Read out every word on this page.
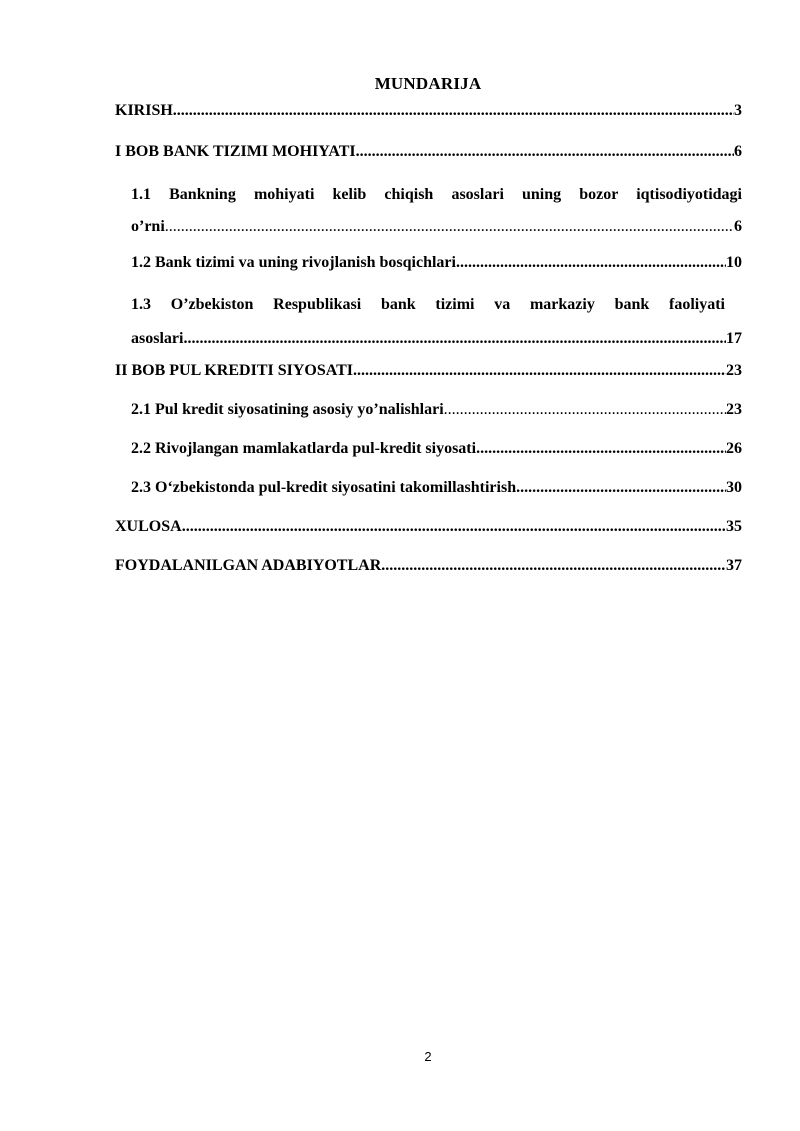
MUNDARIJA
KIRISH .....	3
I BOB BANK TIZIMI MOHIYATI .....	6
1.1 Bankning mohiyati kelib chiqish asoslari uning bozor iqtisodiyotidagi
o’rni .....	6
1.2 Bank tizimi va uning rivojlanish bosqichlari .....	10
1.3 O’zbekiston Respublikasi bank tizimi va markaziy bank faoliyati
asoslari .....	17
II BOB PUL KREDITI SIYOSATI .....	23
2.1 Pul kredit siyosatining asosiy yo’nalishlari .....	23
2.2 Rivojlangan mamlakatlarda pul-kredit siyosati .....	26
2.3 O‘zbekistonda pul-kredit siyosatini takomillashtirish .....	30
XULOSA .....	35
FOYDALANILGAN ADABIYOTLAR .....	37
2
